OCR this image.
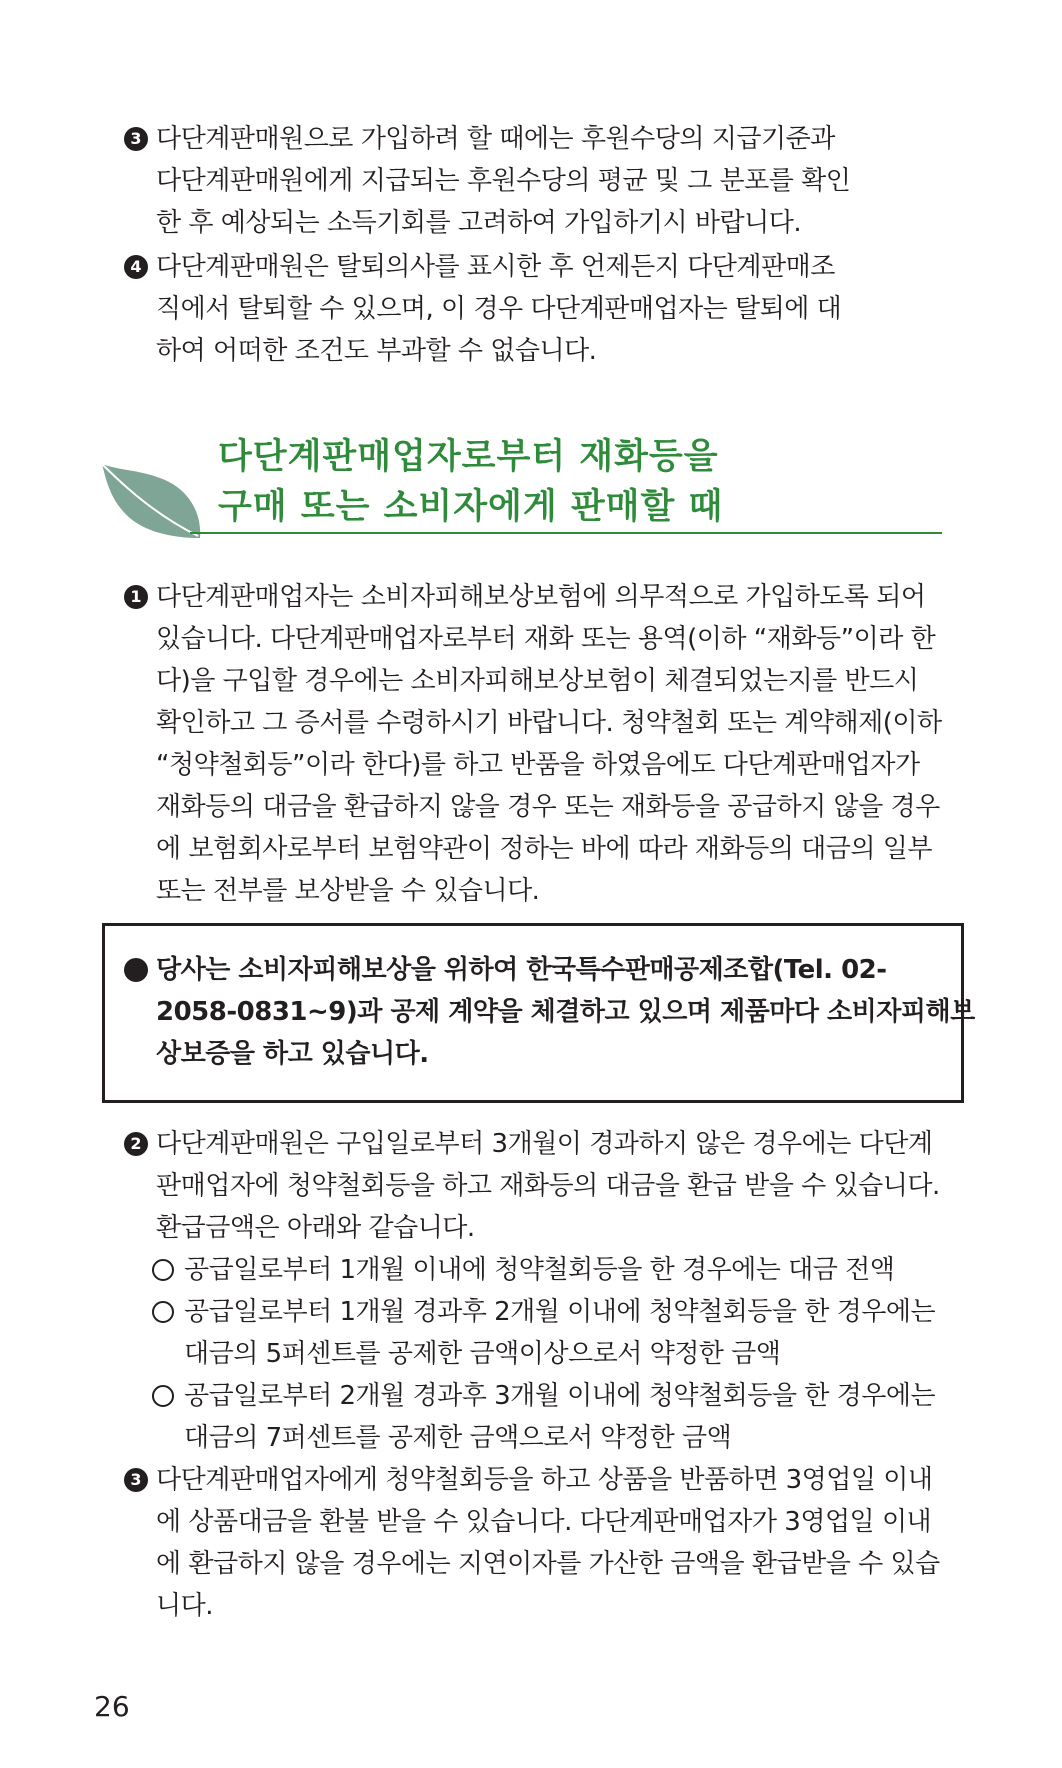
3 다단계판매원으로 가입하려 할 때에는 후원수당의 지급기준과
다단계판매원에게 지급되는 후원수당의 평균 및 그 분포를 확인
한 후 예상되는 소득기회를 고려하여 가입하기시 바랍니다.
4 다단계판매원은 탈퇴의사를 표시한 후 언제든지 다단계판매조
직에서 탈퇴할 수 있으며, 이 경우 다단계판매업자는 탈퇴에 대
하여 어떠한 조건도 부과할 수 없습니다.
다단계판매업자로부터 재화등을
구매 또는 소비자에게 판매할 때
1 다단계판매업자는 소비자피해보상보험에 의무적으로 가입하도록 되어
있습니다. 다단계판매업자로부터 재화 또는 용역(이하 “재화등”이라 한
다)을 구입할 경우에는 소비자피해보상보험이 체결되었는지를 반드시
확인하고 그 증서를 수령하시기 바랍니다. 청약철회 또는 계약해제(이하
“청약철회등”이라 한다)를 하고 반품을 하였음에도 다단계판매업자가
재화등의 대금을 환급하지 않을 경우 또는 재화등을 공급하지 않을 경우
에 보험회사로부터 보험약관이 정하는 바에 따라 재화등의 대금의 일부
또는 전부를 보상받을 수 있습니다.
당사는 소비자피해보상을 위하여 한국특수판매공제조합(Tel. 02-
2058-0831~9)과 공제 계약을 체결하고 있으며 제품마다 소비자피해보
상보증을 하고 있습니다.
2 다단계판매원은 구입일로부터 3개월이 경과하지 않은 경우에는 다단계
판매업자에 청약철회등을 하고 재화등의 대금을 환급 받을 수 있습니다.
환급금액은 아래와 같습니다.
공급일로부터 1개월 이내에 청약철회등을 한 경우에는 대금 전액
공급일로부터 1개월 경과후 2개월 이내에 청약철회등을 한 경우에는
대금의 5퍼센트를 공제한 금액이상으로서 약정한 금액
공급일로부터 2개월 경과후 3개월 이내에 청약철회등을 한 경우에는
대금의 7퍼센트를 공제한 금액으로서 약정한 금액
3 다단계판매업자에게 청약철회등을 하고 상품을 반품하면 3영업일 이내
에 상품대금을 환불 받을 수 있습니다. 다단계판매업자가 3영업일 이내
에 환급하지 않을 경우에는 지연이자를 가산한 금액을 환급받을 수 있습
니다.
26
